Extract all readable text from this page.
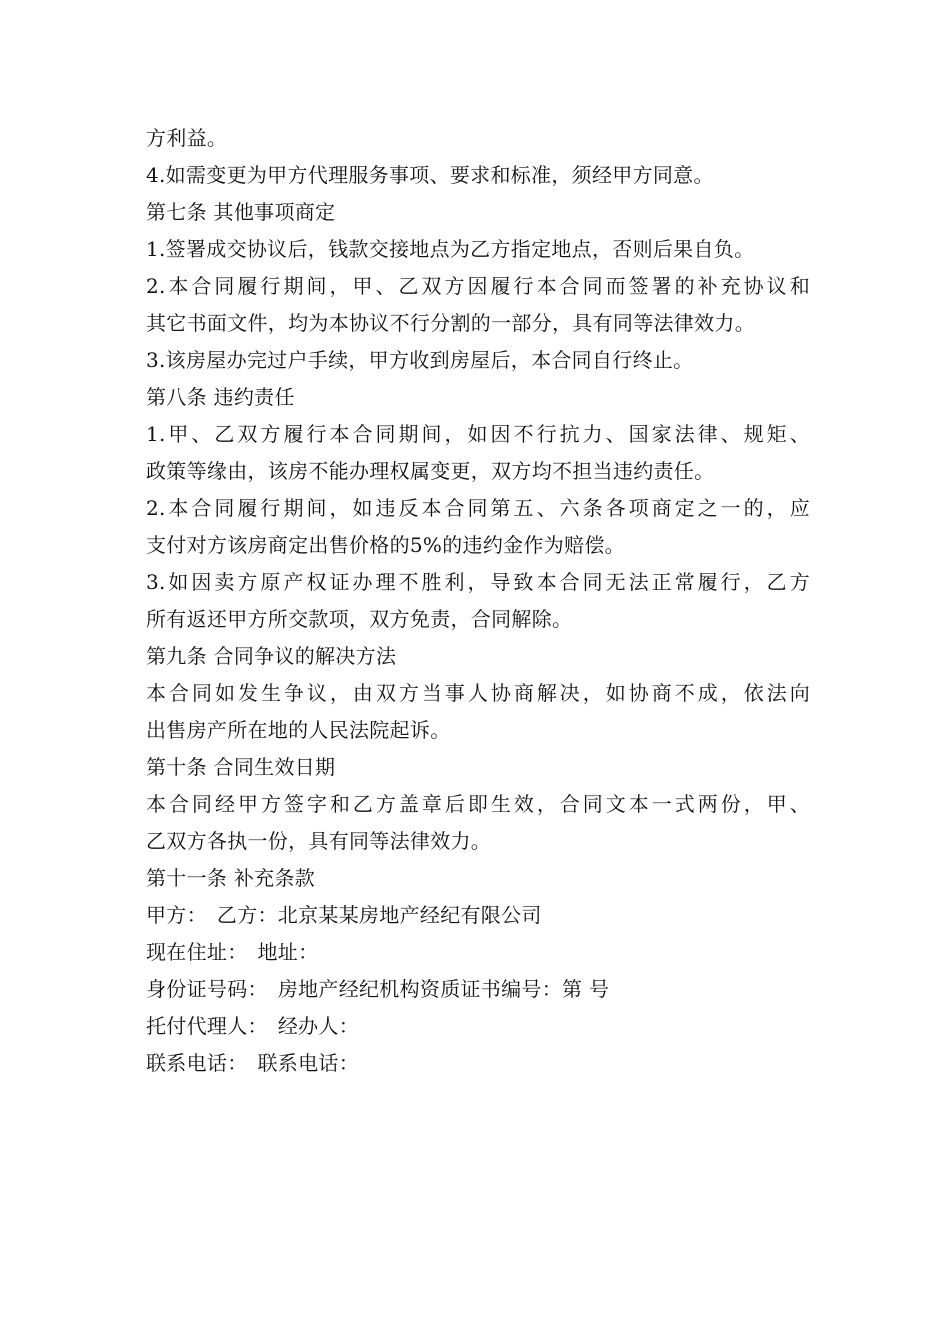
方利益。
4.如需变更为甲方代理服务事项、要求和标准，须经甲方同意。
第七条 其他事项商定
1.签署成交协议后，钱款交接地点为乙方指定地点，否则后果自负。
2.本合同履行期间，甲、乙双方因履行本合同而签署的补充协议和
其它书面文件，均为本协议不行分割的一部分，具有同等法律效力。
3.该房屋办完过户手续，甲方收到房屋后，本合同自行终止。
第八条 违约责任
1.甲、乙双方履行本合同期间，如因不行抗力、国家法律、规矩、
政策等缘由，该房不能办理权属变更，双方均不担当违约责任。
2.本合同履行期间，如违反本合同第五、六条各项商定之一的，应
支付对方该房商定出售价格的5%的违约金作为赔偿。
3.如因卖方原产权证办理不胜利，导致本合同无法正常履行，乙方
所有返还甲方所交款项，双方免责，合同解除。
第九条 合同争议的解决方法
本合同如发生争议，由双方当事人协商解决，如协商不成，依法向
出售房产所在地的人民法院起诉。
第十条 合同生效日期
本合同经甲方签字和乙方盖章后即生效，合同文本一式两份，甲、
乙双方各执一份，具有同等法律效力。
第十一条 补充条款
甲方： 乙方：北京某某房地产经纪有限公司
现在住址： 地址：
身份证号码： 房地产经纪机构资质证书编号：第 号
托付代理人： 经办人：
联系电话： 联系电话：
